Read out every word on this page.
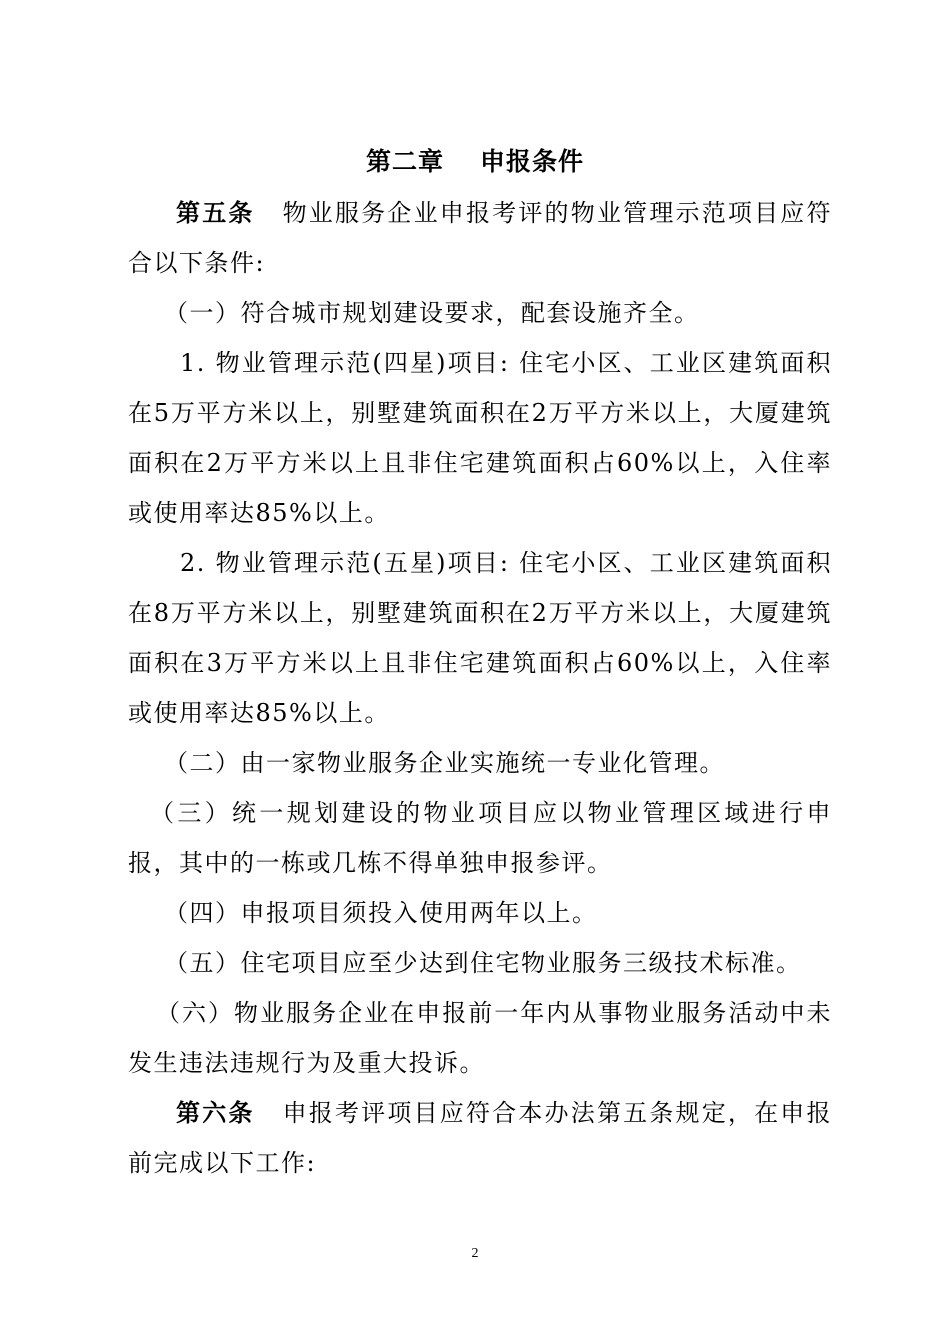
第二章 申报条件
第五条 物业服务企业申报考评的物业管理示范项目应符合以下条件:
（一）符合城市规划建设要求，配套设施齐全。
1. 物业管理示范(四星)项目: 住宅小区、工业区建筑面积在5万平方米以上，别墅建筑面积在2万平方米以上，大厦建筑面积在2万平方米以上且非住宅建筑面积占60%以上，入住率或使用率达85%以上。
2. 物业管理示范(五星)项目: 住宅小区、工业区建筑面积在8万平方米以上，别墅建筑面积在2万平方米以上，大厦建筑面积在3万平方米以上且非住宅建筑面积占60%以上，入住率或使用率达85%以上。
（二）由一家物业服务企业实施统一专业化管理。
（三）统一规划建设的物业项目应以物业管理区域进行申报，其中的一栋或几栋不得单独申报参评。
（四）申报项目须投入使用两年以上。
（五）住宅项目应至少达到住宅物业服务三级技术标准。
（六）物业服务企业在申报前一年内从事物业服务活动中未发生违法违规行为及重大投诉。
第六条 申报考评项目应符合本办法第五条规定，在申报前完成以下工作:
2
